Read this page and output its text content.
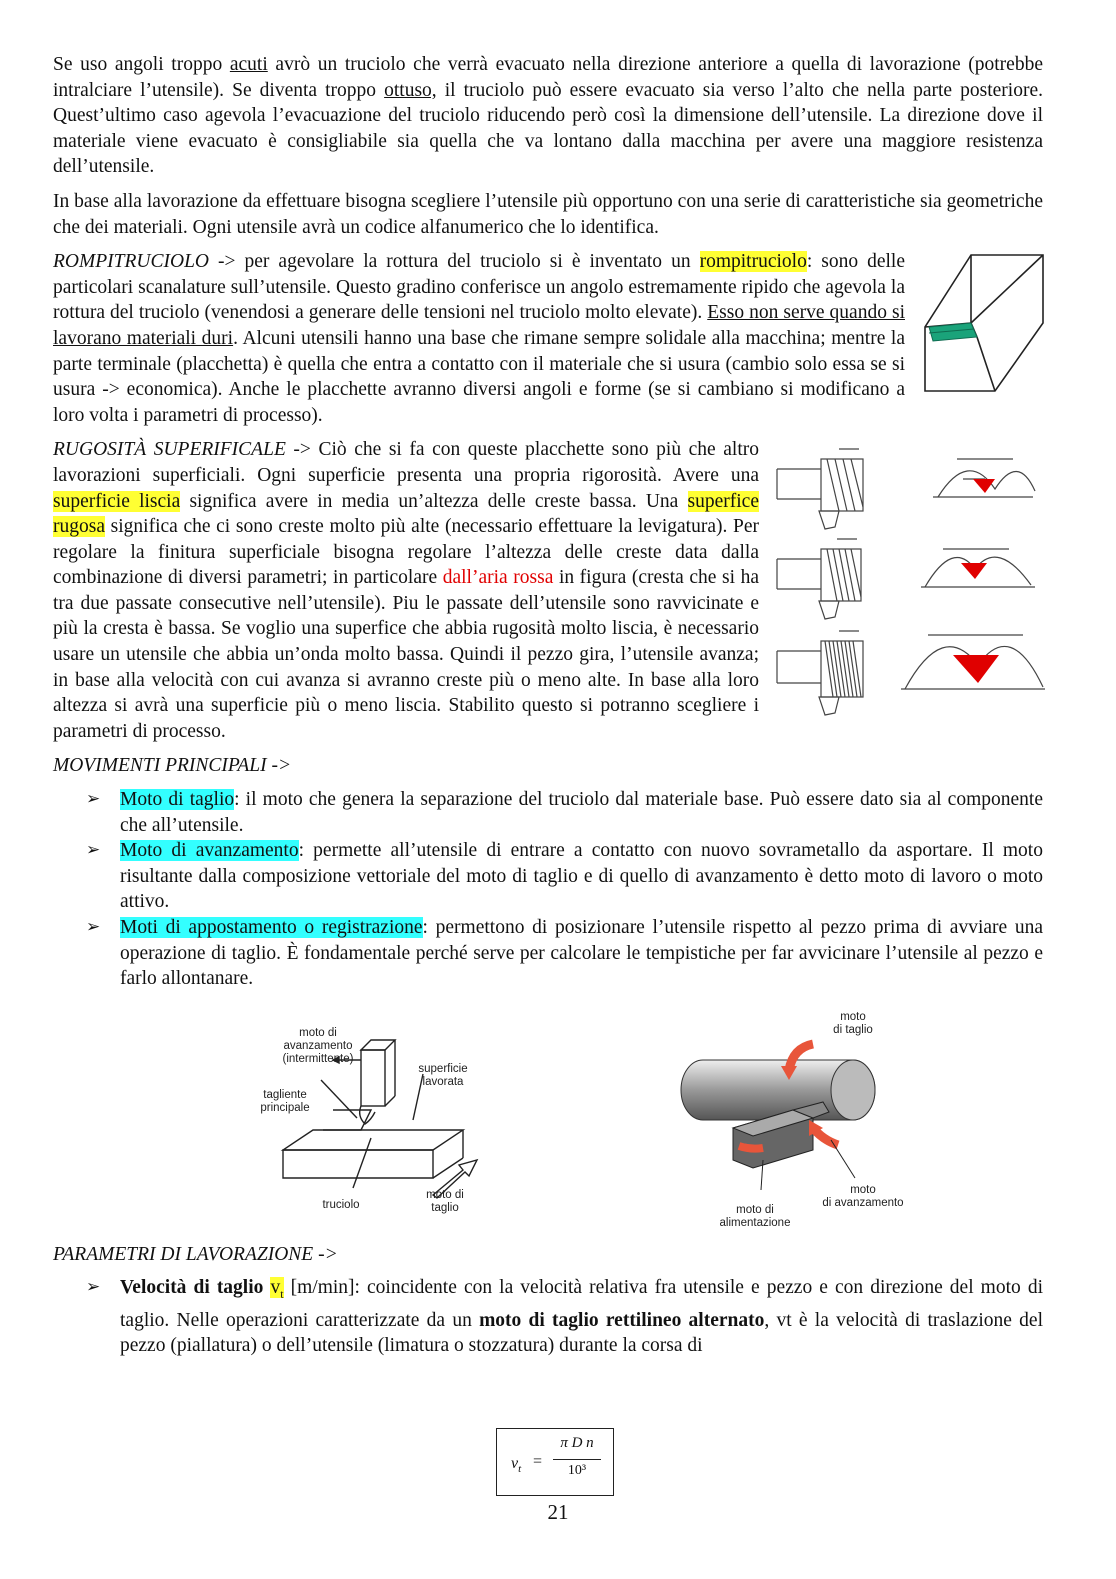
Se uso angoli troppo acuti avrò un truciolo che verrà evacuato nella direzione anteriore a quella di lavorazione (potrebbe intralciare l’utensile). Se diventa troppo ottuso, il truciolo può essere evacuato sia verso l’alto che nella parte posteriore. Quest’ultimo caso agevola l’evacuazione del truciolo riducendo però così la dimensione dell’utensile. La direzione dove il materiale viene evacuato è consigliabile sia quella che va lontano dalla macchina per avere una maggiore resistenza dell’utensile.

In base alla lavorazione da effettuare bisogna scegliere l’utensile più opportuno con una serie di caratteristiche sia geometriche che dei materiali. Ogni utensile avrà un codice alfanumerico che lo identifica.

ROMPITRUCIOLO -> per agevolare la rottura del truciolo si è inventato un rompitruciolo: sono delle particolari scanalature sull’utensile. Questo gradino conferisce un angolo estremamente ripido che agevola la rottura del truciolo (venendosi a generare delle tensioni nel truciolo molto elevate). Esso non serve quando si lavorano materiali duri. Alcuni utensili hanno una base che rimane sempre solidale alla macchina; mentre la parte terminale (placchetta) è quella che entra a contatto con il materiale che si usura (cambio solo essa se si usura -> economica). Anche le placchette avranno diversi angoli e forme (se si cambiano si modificano a loro volta i parametri di processo).

RUGOSITÀ SUPERIFICALE -> Ciò che si fa con queste placchette sono più che altro lavorazioni superficiali. Ogni superficie presenta una propria rigorosità. Avere una superficie liscia significa avere in media un’altezza delle creste bassa. Una superfice rugosa significa che ci sono creste molto più alte (necessario effettuare la levigatura). Per regolare la finitura superficiale bisogna regolare l’altezza delle creste data dalla combinazione di diversi parametri; in particolare dall’aria rossa in figura (cresta che si ha tra due passate consecutive nell’utensile). Piu le passate dell’utensile sono ravvicinate e più la cresta è bassa. Se voglio una superfice che abbia rugosità molto liscia, è necessario usare un utensile che abbia un’onda molto bassa. Quindi il pezzo gira, l’utensile avanza; in base alla velocità con cui avanza si avranno creste più o meno alte. In base alla loro altezza si avrà una superficie più o meno liscia. Stabilito questo si potranno scegliere i parametri di processo.

MOVIMENTI PRINCIPALI ->

➢ Moto di taglio: il moto che genera la separazione del truciolo dal materiale base. Può essere dato sia al componente che all’utensile.
➢ Moto di avanzamento: permette all’utensile di entrare a contatto con nuovo sovrametallo da asportare. Il moto risultante dalla composizione vettoriale del moto di taglio e di quello di avanzamento è detto moto di lavoro o moto attivo.
➢ Moti di appostamento o registrazione: permettono di posizionare l’utensile rispetto al pezzo prima di avviare una operazione di taglio. È fondamentale perché serve per calcolare le tempistiche per far avvicinare l’utensile al pezzo e farlo allontanare.
moto di
avanzamento
(intermittente)
tagliente
principale
superficie
lavorata
moto di
taglio
truciolo
moto
di taglio
moto
di avanzamento
moto di
alimentazione

PARAMETRI DI LAVORAZIONE ->

➢ Velocità di taglio $v_t$ [m/min]: coincidente con la velocità relativa fra utensile e pezzo e con direzione del moto di taglio. Nelle operazioni caratterizzate da un moto di taglio rettilineo alternato, vt è la velocità di traslazione del pezzo (piallatura) o dell’utensile (limatura o stozzatura) durante la corsa di
$v_t$ =
π D n
10³
21
